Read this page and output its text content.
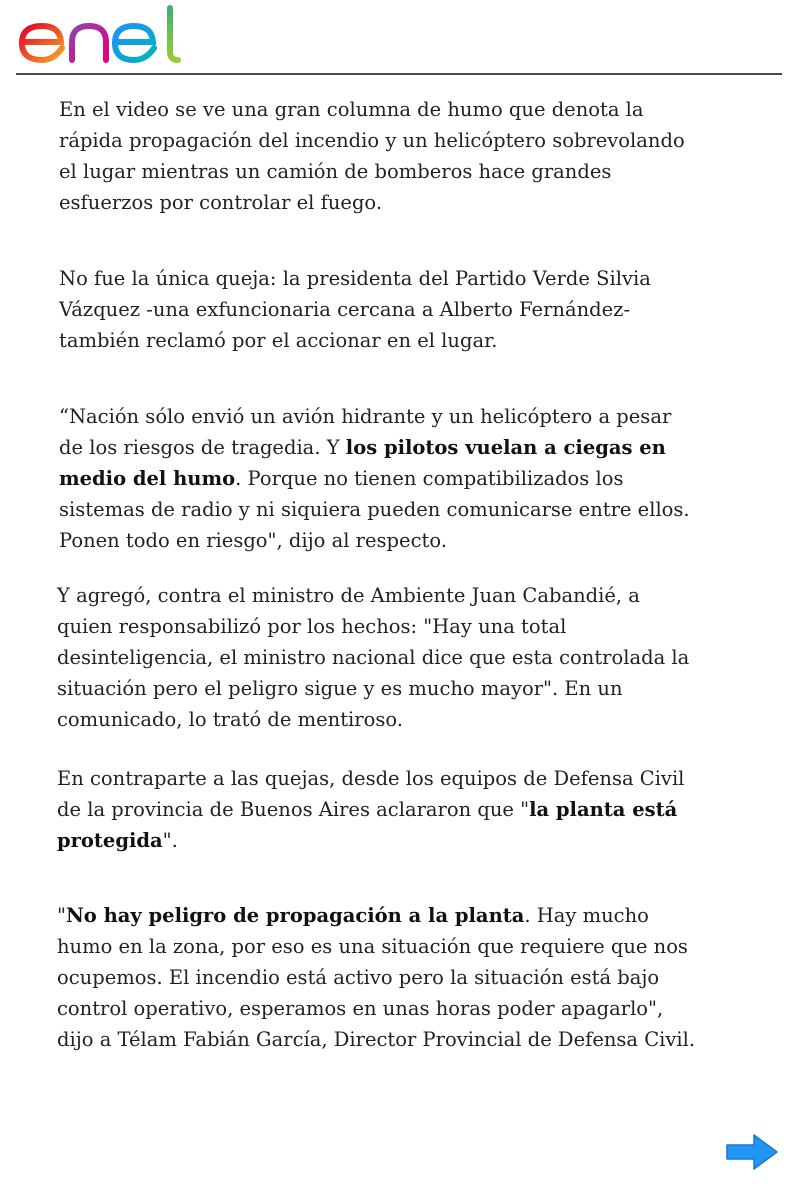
En el video se ve una gran columna de humo que denota la rápida propagación del incendio y un helicóptero sobrevolando el lugar mientras un camión de bomberos hace grandes esfuerzos por controlar el fuego.

No fue la única queja: la presidenta del Partido Verde Silvia Vázquez -una exfuncionaria cercana a Alberto Fernández- también reclamó por el accionar en el lugar.

“Nación sólo envió un avión hidrante y un helicóptero a pesar de los riesgos de tragedia. Y los pilotos vuelan a ciegas en medio del humo. Porque no tienen compatibilizados los sistemas de radio y ni siquiera pueden comunicarse entre ellos. Ponen todo en riesgo", dijo al respecto.

Y agregó, contra el ministro de Ambiente Juan Cabandié, a quien responsabilizó por los hechos: "Hay una total desinteligencia, el ministro nacional dice que esta controlada la situación pero el peligro sigue y es mucho mayor". En un comunicado, lo trató de mentiroso.

En contraparte a las quejas, desde los equipos de Defensa Civil de la provincia de Buenos Aires aclararon que "la planta está protegida".

"No hay peligro de propagación a la planta. Hay mucho humo en la zona, por eso es una situación que requiere que nos ocupemos. El incendio está activo pero la situación está bajo control operativo, esperamos en unas horas poder apagarlo", dijo a Télam Fabián García, Director Provincial de Defensa Civil.
